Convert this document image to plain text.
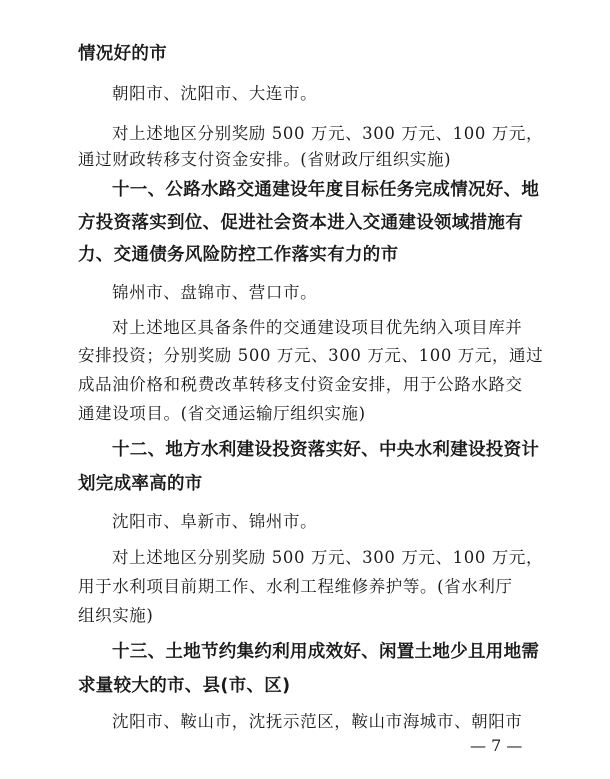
情况好的市
朝阳市、沈阳市、大连市。
对上述地区分别奖励 500 万元、300 万元、100 万元，
通过财政转移支付资金安排。(省财政厅组织实施)
十一、公路水路交通建设年度目标任务完成情况好、地
方投资落实到位、促进社会资本进入交通建设领域措施有
力、交通债务风险防控工作落实有力的市
锦州市、盘锦市、营口市。
对上述地区具备条件的交通建设项目优先纳入项目库并
安排投资；分别奖励 500 万元、300 万元、100 万元，通过
成品油价格和税费改革转移支付资金安排，用于公路水路交
通建设项目。(省交通运输厅组织实施)
十二、地方水利建设投资落实好、中央水利建设投资计
划完成率高的市
沈阳市、阜新市、锦州市。
对上述地区分别奖励 500 万元、300 万元、100 万元，
用于水利项目前期工作、水利工程维修养护等。(省水利厅
组织实施)
十三、土地节约集约利用成效好、闲置土地少且用地需
求量较大的市、县(市、区)
沈阳市、鞍山市，沈抚示范区，鞍山市海城市、朝阳市
— 7 —
